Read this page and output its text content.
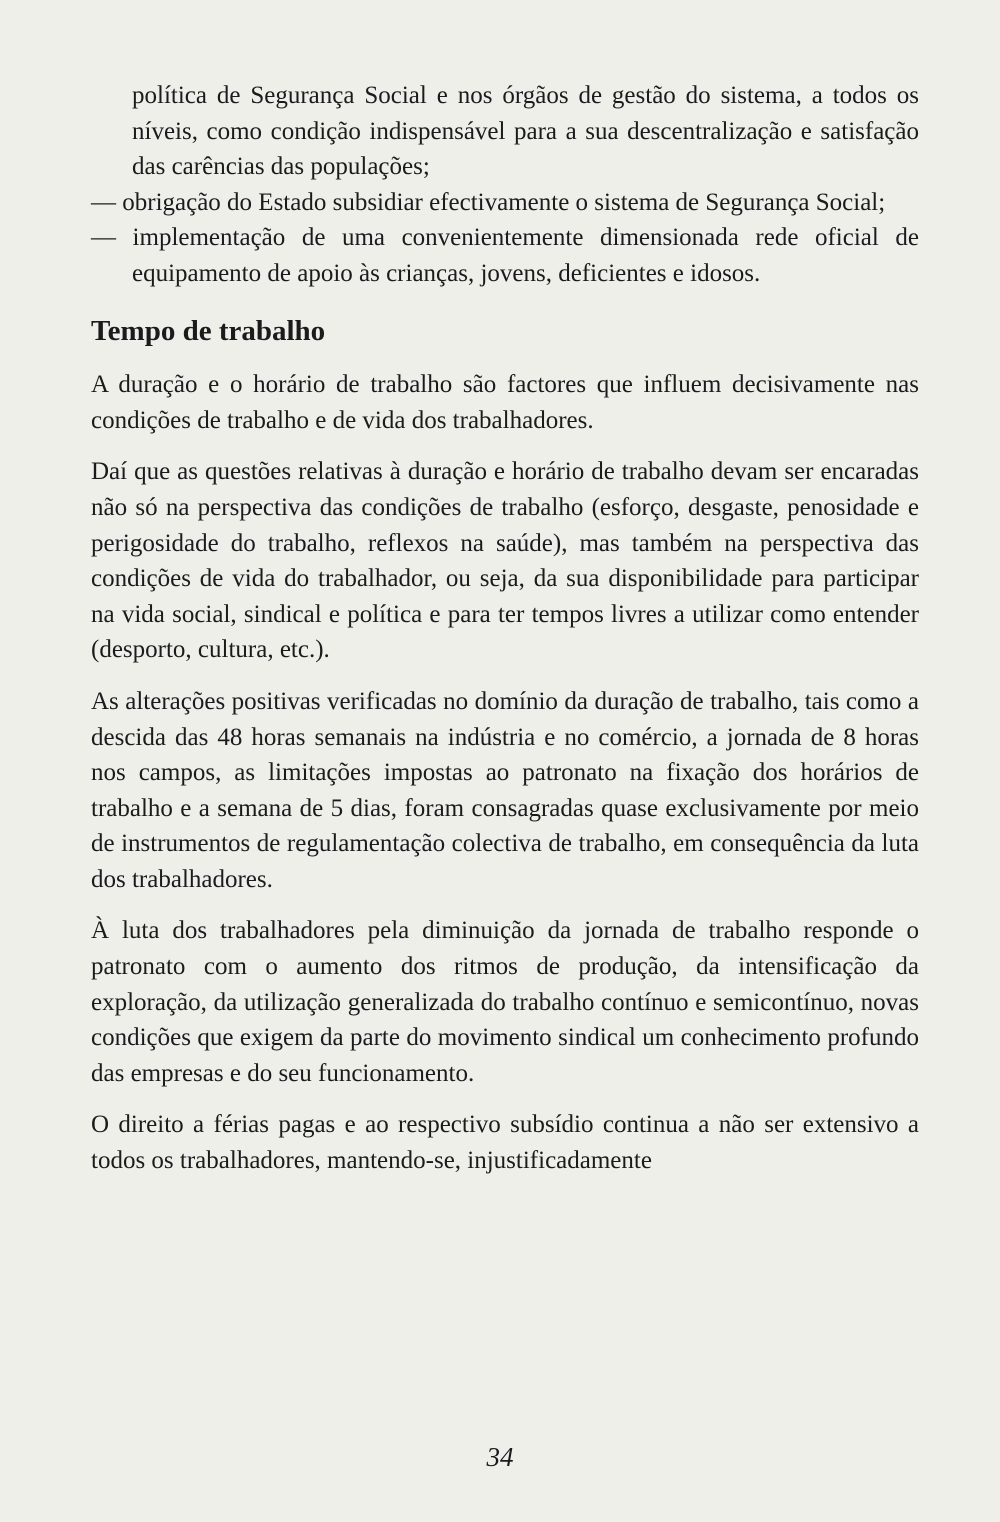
política de Segurança Social e nos órgãos de gestão do sistema, a todos os níveis, como condição indispensável para a sua descentralização e satisfação das carências das populações;

— obrigação do Estado subsidiar efectivamente o sistema de Segurança Social;

— implementação de uma convenientemente dimensionada rede oficial de equipamento de apoio às crianças, jovens, deficientes e idosos.

Tempo de trabalho

A duração e o horário de trabalho são factores que influem decisivamente nas condições de trabalho e de vida dos trabalhadores.

Daí que as questões relativas à duração e horário de trabalho devam ser encaradas não só na perspectiva das condições de trabalho (esforço, desgaste, penosidade e perigosidade do trabalho, reflexos na saúde), mas também na perspectiva das condições de vida do trabalhador, ou seja, da sua disponibilidade para participar na vida social, sindical e política e para ter tempos livres a utilizar como entender (desporto, cultura, etc.).

As alterações positivas verificadas no domínio da duração de trabalho, tais como a descida das 48 horas semanais na indústria e no comércio, a jornada de 8 horas nos campos, as limitações impostas ao patronato na fixação dos horários de trabalho e a semana de 5 dias, foram consagradas quase exclusivamente por meio de instrumentos de regulamentação colectiva de trabalho, em consequência da luta dos trabalhadores.

À luta dos trabalhadores pela diminuição da jornada de trabalho responde o patronato com o aumento dos ritmos de produção, da intensificação da exploração, da utilização generalizada do trabalho contínuo e semicontínuo, novas condições que exigem da parte do movimento sindical um conhecimento profundo das empresas e do seu funcionamento.

O direito a férias pagas e ao respectivo subsídio continua a não ser extensivo a todos os trabalhadores, mantendo-se, injustificadamente

34
